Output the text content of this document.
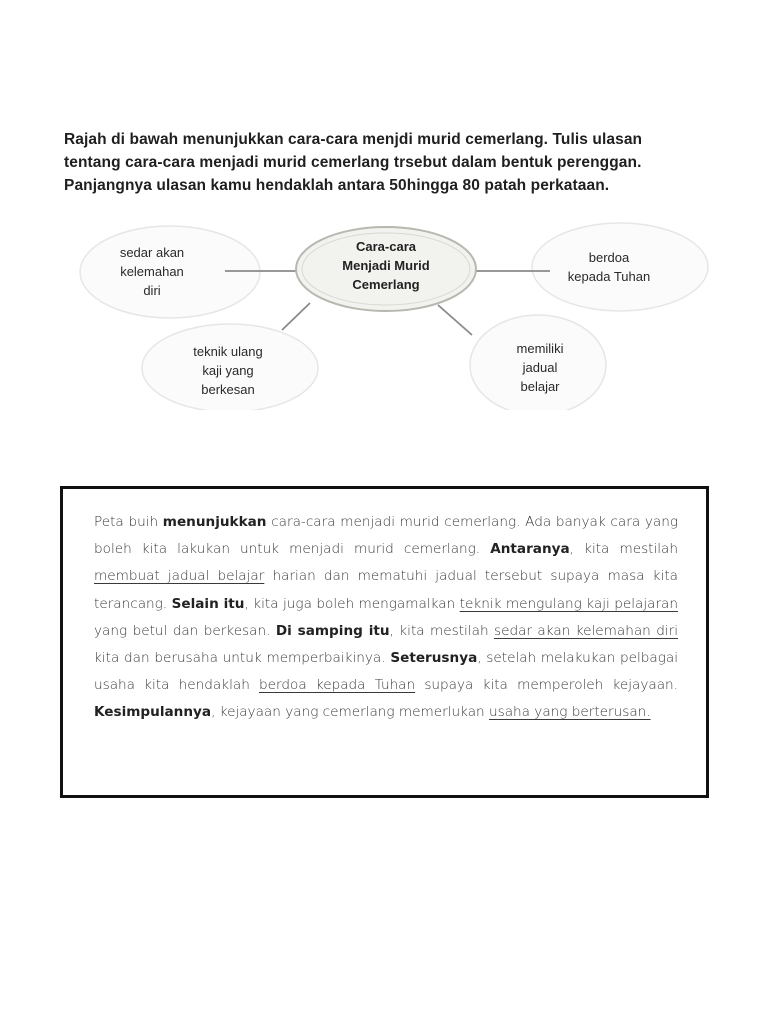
Rajah di bawah menunjukkan cara-cara menjdi murid cemerlang. Tulis ulasan
tentang cara-cara menjadi murid cemerlang trsebut dalam bentuk perenggan.
Panjangnya ulasan kamu hendaklah antara 50hingga 80 patah perkataan.

Cara-cara
Menjadi Murid
Cemerlang
sedar akan
kelemahan
diri
berdoa
kepada Tuhan
teknik ulang
kaji yang
berkesan
memiliki
jadual
belajar

Peta buih menunjukkan cara-cara menjadi murid cemerlang. Ada banyak cara yang boleh kita lakukan untuk menjadi murid cemerlang. Antaranya, kita mestilah membuat jadual belajar harian dan mematuhi jadual tersebut supaya masa kita terancang. Selain itu, kita juga boleh mengamalkan teknik mengulang kaji pelajaran yang betul dan berkesan. Di samping itu, kita mestilah sedar akan kelemahan diri kita dan berusaha untuk memperbaikinya. Seterusnya, setelah melakukan pelbagai usaha kita hendaklah berdoa kepada Tuhan supaya kita memperoleh kejayaan. Kesimpulannya, kejayaan yang cemerlang memerlukan usaha yang berterusan.
